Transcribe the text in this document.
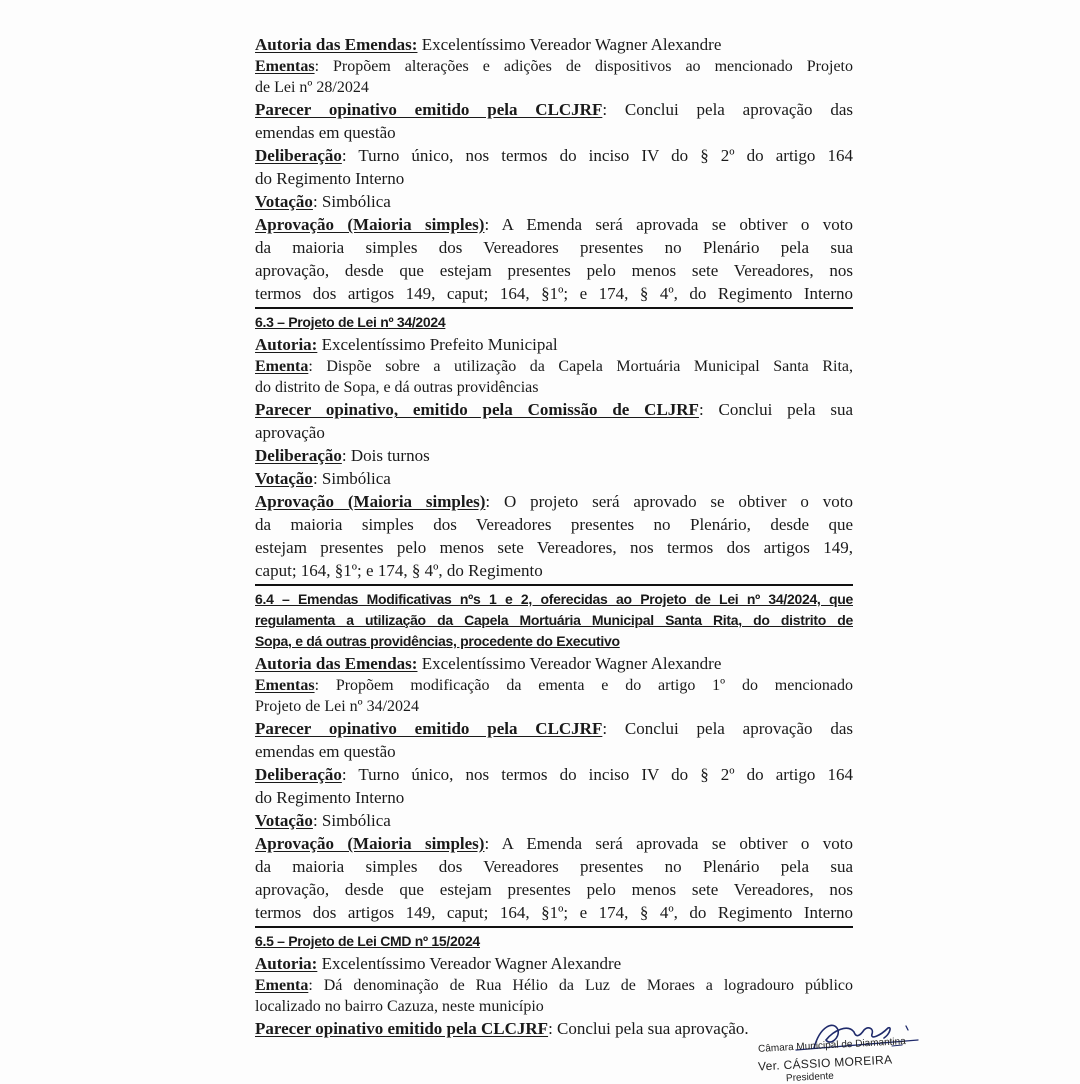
Autoria das Emendas: Excelentíssimo Vereador Wagner Alexandre
Ementas: Propõem alterações e adições de dispositivos ao mencionado Projeto
de Lei nº 28/2024
Parecer opinativo emitido pela CLCJRF: Conclui pela aprovação das
emendas em questão
Deliberação: Turno único, nos termos do inciso IV do § 2º do artigo 164
do Regimento Interno
Votação: Simbólica
Aprovação (Maioria simples): A Emenda será aprovada se obtiver o voto
da maioria simples dos Vereadores presentes no Plenário pela sua
aprovação, desde que estejam presentes pelo menos sete Vereadores, nos
termos dos artigos 149, caput; 164, §1º; e 174, § 4º, do Regimento Interno
6.3 – Projeto de Lei nº 34/2024
Autoria: Excelentíssimo Prefeito Municipal
Ementa: Dispõe sobre a utilização da Capela Mortuária Municipal Santa Rita,
do distrito de Sopa, e dá outras providências
Parecer opinativo, emitido pela Comissão de CLJRF: Conclui pela sua
aprovação
Deliberação: Dois turnos
Votação: Simbólica
Aprovação (Maioria simples): O projeto será aprovado se obtiver o voto
da maioria simples dos Vereadores presentes no Plenário, desde que
estejam presentes pelo menos sete Vereadores, nos termos dos artigos 149,
caput; 164, §1º; e 174, § 4º, do Regimento
6.4 – Emendas Modificativas nºs 1 e 2, oferecidas ao Projeto de Lei nº 34/2024, que
regulamenta a utilização da Capela Mortuária Municipal Santa Rita, do distrito de
Sopa, e dá outras providências, procedente do Executivo
Autoria das Emendas: Excelentíssimo Vereador Wagner Alexandre
Ementas: Propõem modificação da ementa e do artigo 1º do mencionado
Projeto de Lei nº 34/2024
Parecer opinativo emitido pela CLCJRF: Conclui pela aprovação das
emendas em questão
Deliberação: Turno único, nos termos do inciso IV do § 2º do artigo 164
do Regimento Interno
Votação: Simbólica
Aprovação (Maioria simples): A Emenda será aprovada se obtiver o voto
da maioria simples dos Vereadores presentes no Plenário pela sua
aprovação, desde que estejam presentes pelo menos sete Vereadores, nos
termos dos artigos 149, caput; 164, §1º; e 174, § 4º, do Regimento Interno
6.5 – Projeto de Lei CMD nº 15/2024
Autoria: Excelentíssimo Vereador Wagner Alexandre
Ementa: Dá denominação de Rua Hélio da Luz de Moraes a logradouro público
localizado no bairro Cazuza, neste município
Parecer opinativo emitido pela CLCJRF: Conclui pela sua aprovação.
Câmara Municipal de Diamantina
Ver. CÁSSIO MOREIRA
Presidente
